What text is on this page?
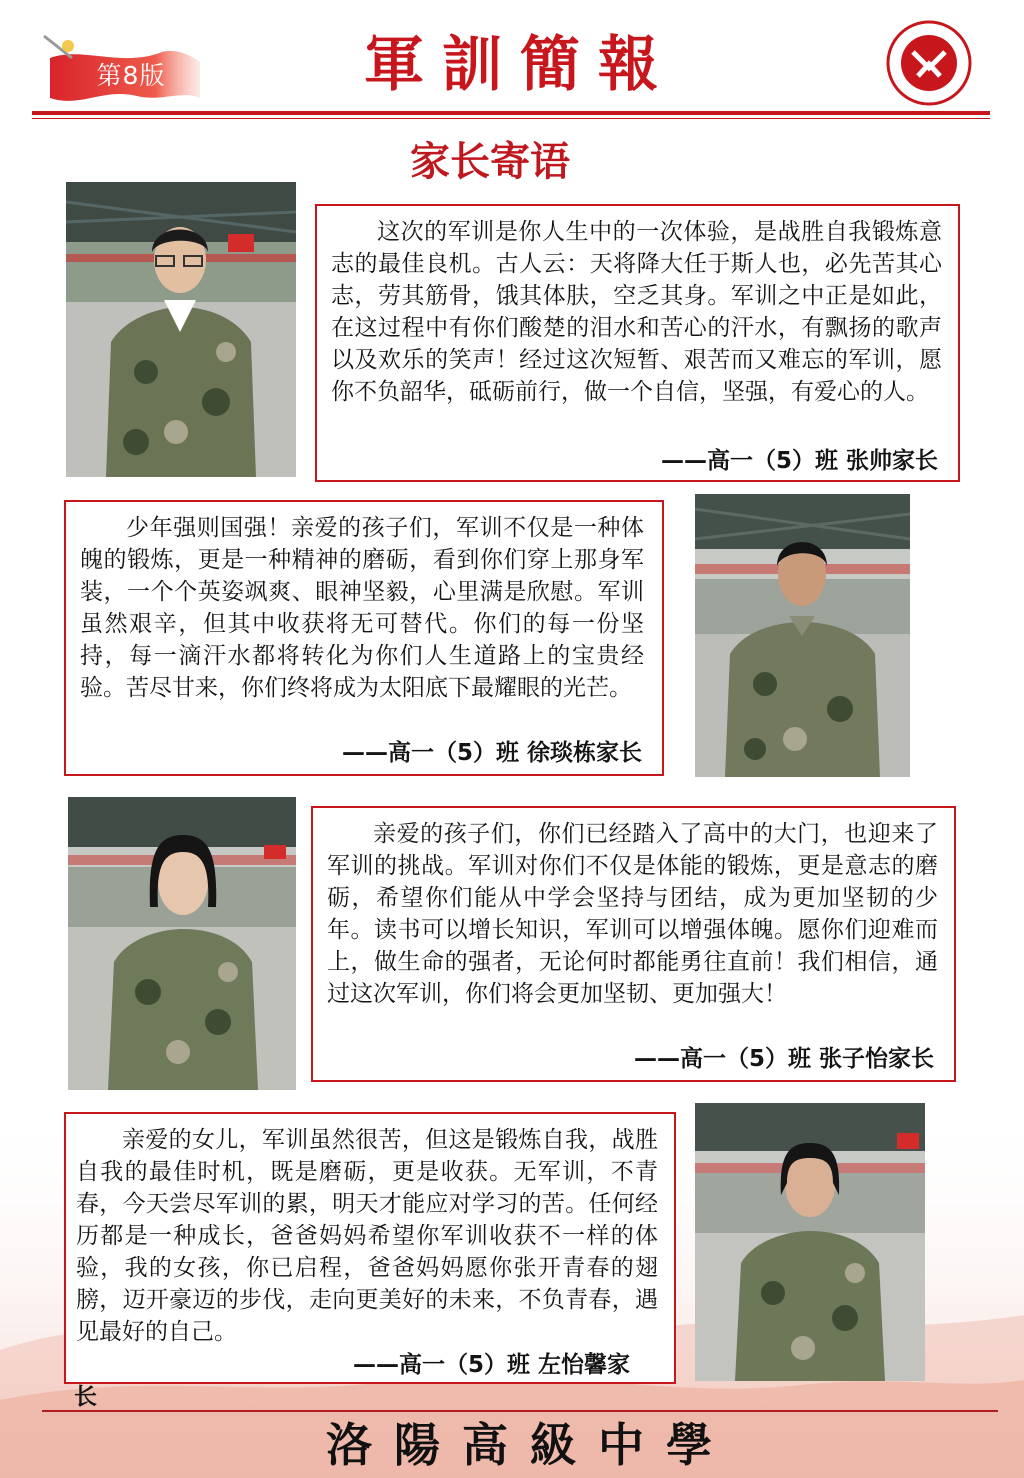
第8版	軍訓簡報
家长寄语

这次的军训是你人生中的一次体验，是战胜自我锻炼意志的最佳良机。古人云：天将降大任于斯人也，必先苦其心志，劳其筋骨，饿其体肤，空乏其身。军训之中正是如此，在这过程中有你们酸楚的泪水和苦心的汗水，有飘扬的歌声以及欢乐的笑声！经过这次短暂、艰苦而又难忘的军训，愿你不负韶华，砥砺前行，做一个自信，坚强，有爱心的人。

——高一（5）班 张帅家长

少年强则国强！亲爱的孩子们，军训不仅是一种体魄的锻炼，更是一种精神的磨砺，看到你们穿上那身军装，一个个英姿飒爽、眼神坚毅，心里满是欣慰。军训虽然艰辛，但其中收获将无可替代。你们的每一份坚持，每一滴汗水都将转化为你们人生道路上的宝贵经验。苦尽甘来，你们终将成为太阳底下最耀眼的光芒。

——高一（5）班 徐琰栋家长

亲爱的孩子们，你们已经踏入了高中的大门，也迎来了军训的挑战。军训对你们不仅是体能的锻炼，更是意志的磨砺，希望你们能从中学会坚持与团结，成为更加坚韧的少年。读书可以增长知识，军训可以增强体魄。愿你们迎难而上，做生命的强者，无论何时都能勇往直前！我们相信，通过这次军训，你们将会更加坚韧、更加强大！

——高一（5）班 张子怡家长

亲爱的女儿，军训虽然很苦，但这是锻炼自我，战胜自我的最佳时机，既是磨砺，更是收获。无军训，不青春，今天尝尽军训的累，明天才能应对学习的苦。任何经历都是一种成长，爸爸妈妈希望你军训收获不一样的体验，我的女孩，你已启程，爸爸妈妈愿你张开青春的翅膀，迈开豪迈的步伐，走向更美好的未来，不负青春，遇见最好的自己。

——高一（5）班 左怡馨家
长
洛陽高級中學
